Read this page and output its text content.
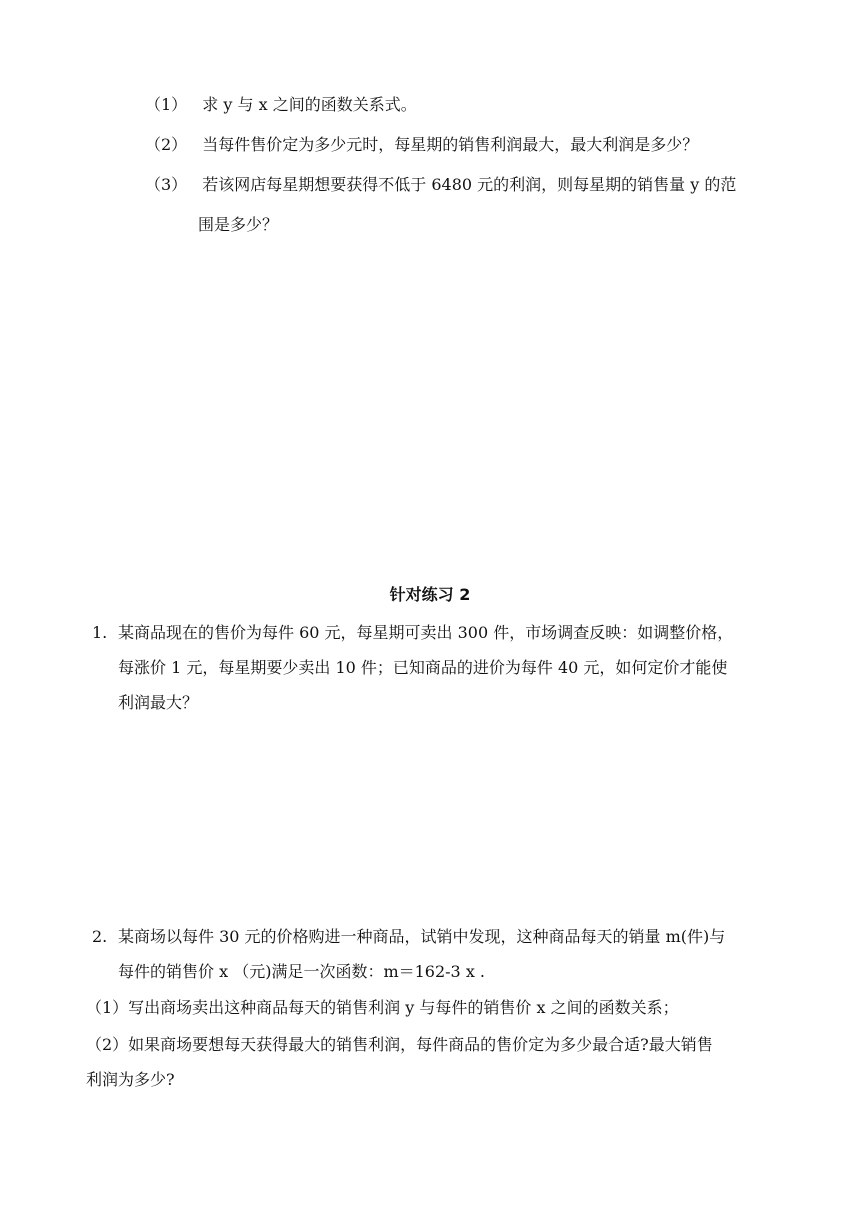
（1） 求 y 与 x 之间的函数关系式。
（2） 当每件售价定为多少元时，每星期的销售利润最大，最大利润是多少？
（3） 若该网店每星期想要获得不低于 6480 元的利润，则每星期的销售量 y 的范
围是多少？
针对练习 2
1. 某商品现在的售价为每件 60 元，每星期可卖出 300 件，市场调查反映：如调整价格，
每涨价 1 元，每星期要少卖出 10 件；已知商品的进价为每件 40 元，如何定价才能使
利润最大？
2. 某商场以每件 30 元的价格购进一种商品，试销中发现，这种商品每天的销量 m(件)与
每件的销售价 x （元)满足一次函数：m＝162-3 x .
（1）写出商场卖出这种商品每天的销售利润 y 与每件的销售价 x 之间的函数关系；
（2）如果商场要想每天获得最大的销售利润，每件商品的售价定为多少最合适?最大销售
利润为多少?
